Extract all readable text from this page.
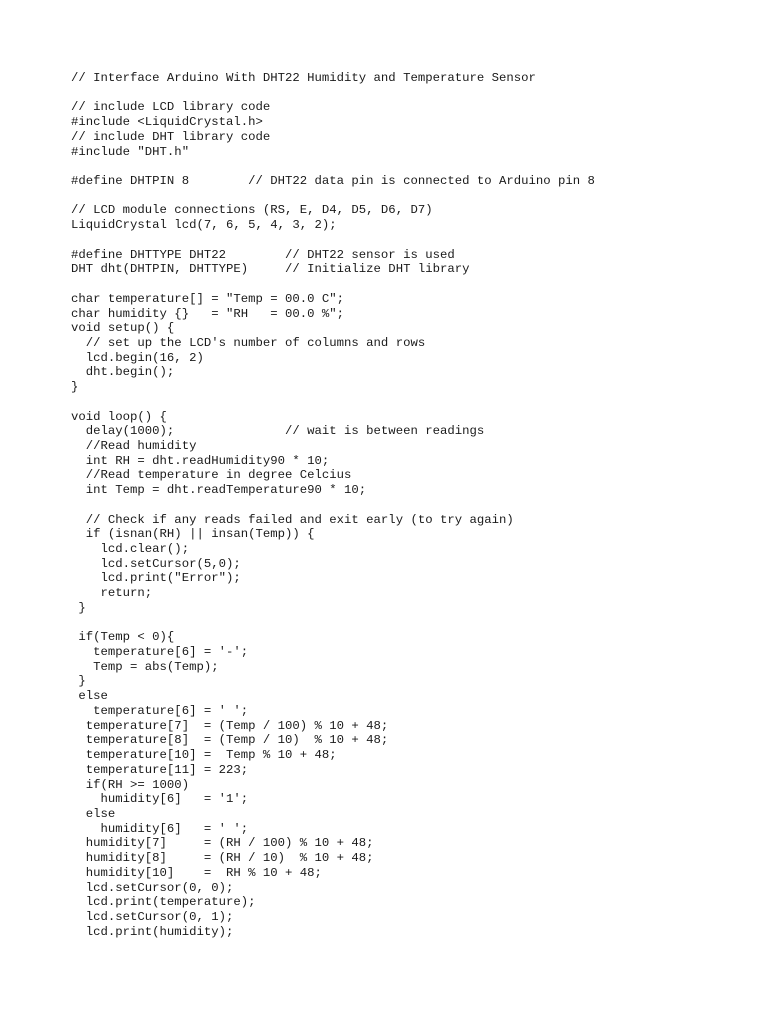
// Interface Arduino With DHT22 Humidity and Temperature Sensor
// include LCD library code
#include <LiquidCrystal.h>
// include DHT library code
#include "DHT.h"
#define DHTPIN 8        // DHT22 data pin is connected to Arduino pin 8
// LCD module connections (RS, E, D4, D5, D6, D7)
LiquidCrystal lcd(7, 6, 5, 4, 3, 2);
#define DHTTYPE DHT22        // DHT22 sensor is used
DHT dht(DHTPIN, DHTTYPE)     // Initialize DHT library
char temperature[] = "Temp = 00.0 C";
char humidity {}   = "RH   = 00.0 %";
void setup() {
// set up the LCD's number of columns and rows
lcd.begin(16, 2)
dht.begin();
}
void loop() {
delay(1000);               // wait is between readings
//Read humidity
int RH = dht.readHumidity90 * 10;
//Read temperature in degree Celcius
int Temp = dht.readTemperature90 * 10;
// Check if any reads failed and exit early (to try again)
if (isnan(RH) || insan(Temp)) {
lcd.clear();
lcd.setCursor(5,0);
lcd.print("Error");
return;
}
if(Temp < 0){
temperature[6] = '-';
Temp = abs(Temp);
}
else
temperature[6] = ' ';
temperature[7]  = (Temp / 100) % 10 + 48;
temperature[8]  = (Temp / 10)  % 10 + 48;
temperature[10] =  Temp % 10 + 48;
temperature[11] = 223;
if(RH >= 1000)
humidity[6]   = '1';
else
humidity[6]   = ' ';
humidity[7]     = (RH / 100) % 10 + 48;
humidity[8]     = (RH / 10)  % 10 + 48;
humidity[10]    =  RH % 10 + 48;
lcd.setCursor(0, 0);
lcd.print(temperature);
lcd.setCursor(0, 1);
lcd.print(humidity);
